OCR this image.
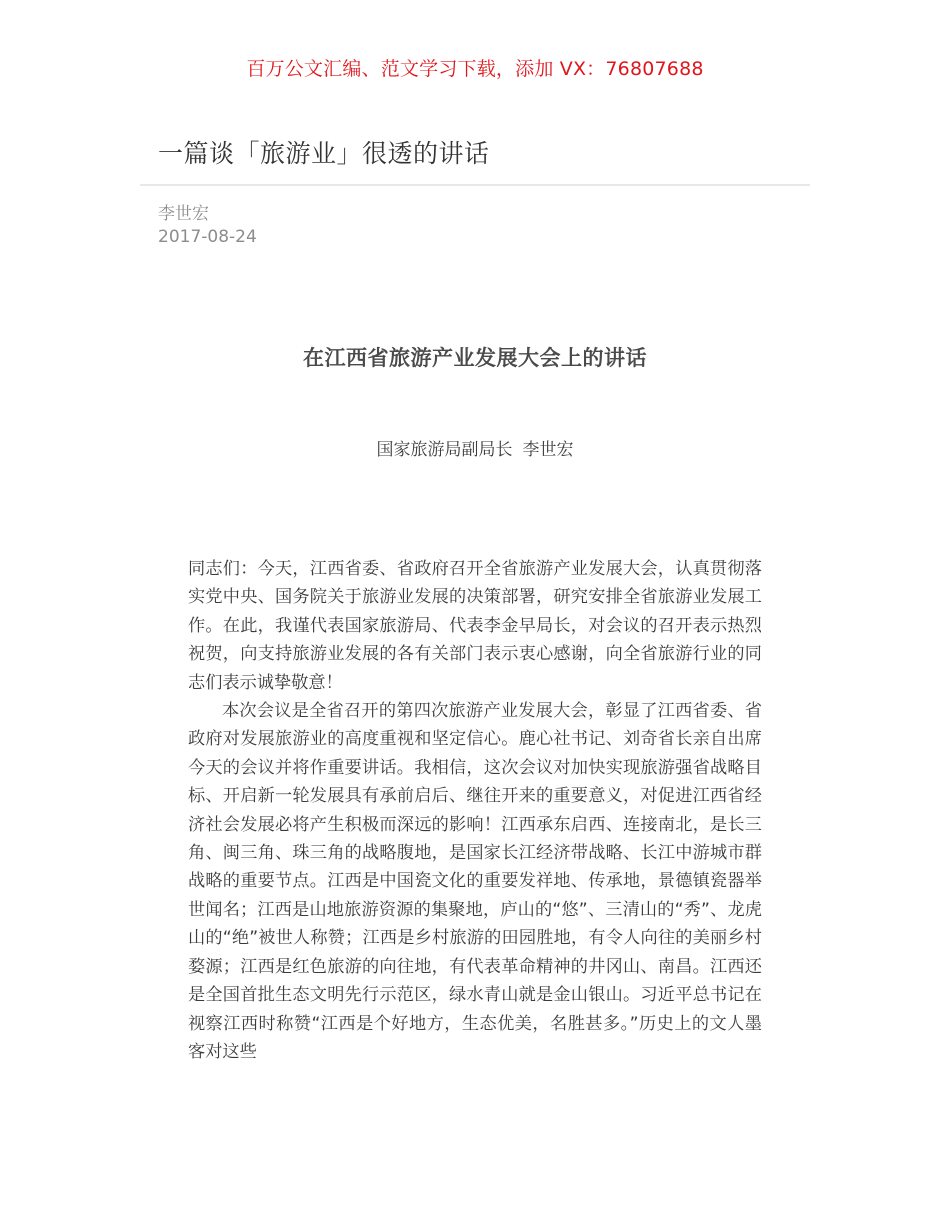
百万公文汇编、范文学习下载，添加 VX：76807688
一篇谈「旅游业」很透的讲话
李世宏
2017-08-24
在江西省旅游产业发展大会上的讲话
国家旅游局副局长 李世宏

同志们：今天，江西省委、省政府召开全省旅游产业发展大会，认真贯彻落实党中央、国务院关于旅游业发展的决策部署，研究安排全省旅游业发展工作。在此，我谨代表国家旅游局、代表李金早局长，对会议的召开表示热烈祝贺，向支持旅游业发展的各有关部门表示衷心感谢，向全省旅游行业的同志们表示诚挚敬意！

本次会议是全省召开的第四次旅游产业发展大会，彰显了江西省委、省政府对发展旅游业的高度重视和坚定信心。鹿心社书记、刘奇省长亲自出席今天的会议并将作重要讲话。我相信，这次会议对加快实现旅游强省战略目标、开启新一轮发展具有承前启后、继往开来的重要意义，对促进江西省经济社会发展必将产生积极而深远的影响！江西承东启西、连接南北，是长三角、闽三角、珠三角的战略腹地，是国家长江经济带战略、长江中游城市群战略的重要节点。江西是中国瓷文化的重要发祥地、传承地，景德镇瓷器举世闻名；江西是山地旅游资源的集聚地，庐山的“悠”、三清山的“秀”、龙虎山的“绝”被世人称赞；江西是乡村旅游的田园胜地，有令人向往的美丽乡村婺源；江西是红色旅游的向往地，有代表革命精神的井冈山、南昌。江西还是全国首批生态文明先行示范区，绿水青山就是金山银山。习近平总书记在视察江西时称赞“江西是个好地方，生态优美，名胜甚多。”历史上的文人墨客对这些
